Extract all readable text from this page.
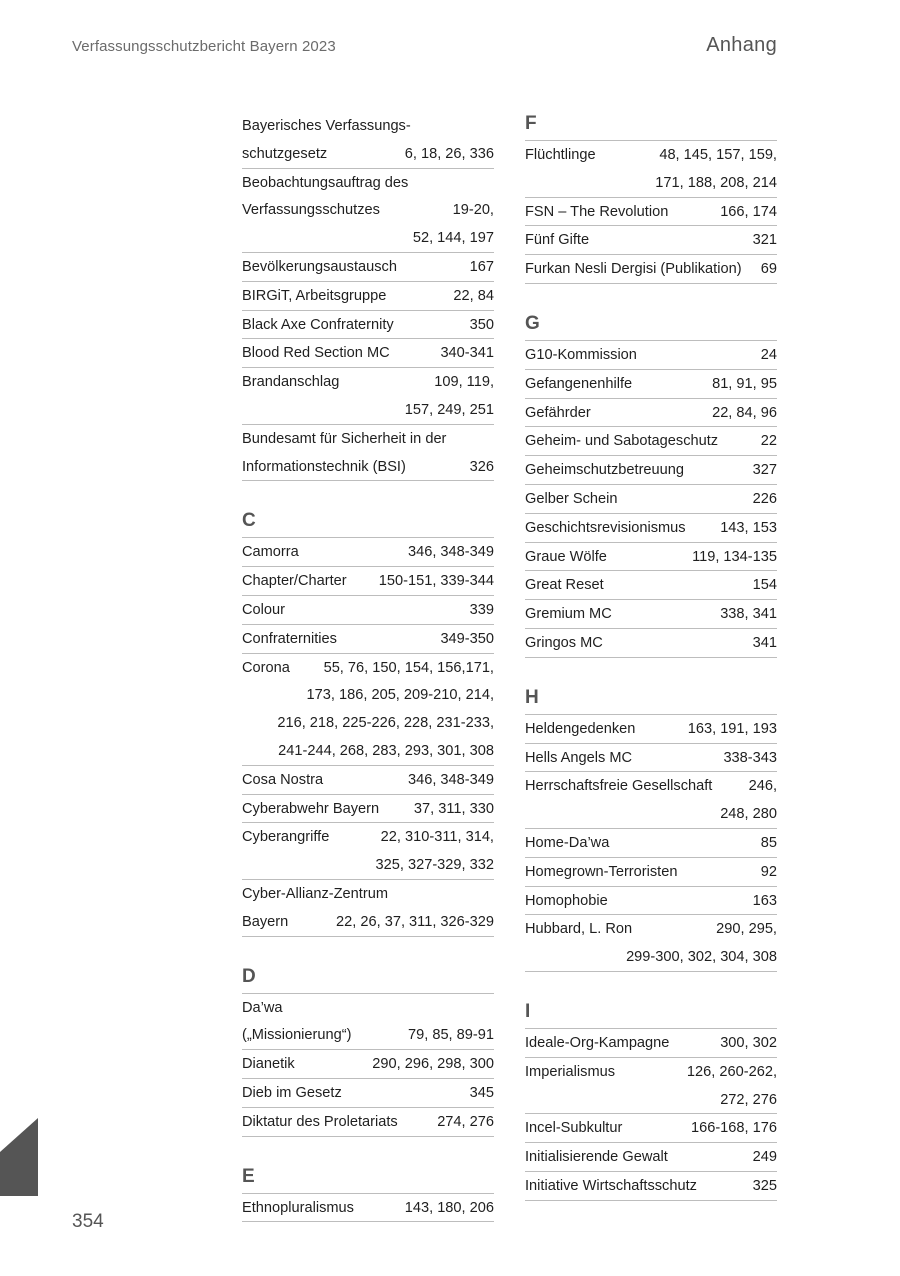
Verfassungsschutzbericht Bayern 2023	Anhang
Bayerisches Verfassungs-
schutzgesetz	6, 18, 26, 336
Beobachtungsauftrag des
Verfassungsschutzes	19-20,
52, 144, 197
Bevölkerungsaustausch	167
BIRGiT, Arbeitsgruppe	22, 84
Black Axe Confraternity	350
Blood Red Section MC	340-341
Brandanschlag	109, 119,
157, 249, 251
Bundesamt für Sicherheit in der
Informationstechnik (BSI)	326
C
Camorra	346, 348-349
Chapter/Charter 150-151, 339-344
Colour	339
Confraternities	349-350
Corona 55, 76, 150, 154, 156,171,
173, 186, 205, 209-210, 214,
216, 218, 225-226, 228, 231-233,
241-244, 268, 283, 293, 301, 308
Cosa Nostra	346, 348-349
Cyberabwehr Bayern 37, 311, 330
Cyberangriffe	22, 310-311, 314,
325, 327-329, 332
Cyber-Allianz-Zentrum
Bayern	22, 26, 37, 311, 326-329
D
Da’wa
(„Missionierung“)	79, 85, 89-91
Dianetik	290, 296, 298, 300
Dieb im Gesetz	345
Diktatur des Proletariats	274, 276
E
Ethnopluralismus	143, 180, 206
F
Flüchtlinge	48, 145, 157, 159,
171, 188, 208, 214
FSN – The Revolution	166, 174
Fünf Gifte	321
Furkan Nesli Dergisi (Publikation) 69
G
G10-Kommission	24
Gefangenenhilfe	81, 91, 95
Gefährder	22, 84, 96
Geheim- und Sabotageschutz	22
Geheimschutzbetreuung	327
Gelber Schein	226
Geschichtsrevisionismus 143, 153
Graue Wölfe	119, 134-135
Great Reset	154
Gremium MC	338, 341
Gringos MC	341
H
Heldengedenken	163, 191, 193
Hells Angels MC	338-343
Herrschaftsfreie Gesellschaft 246,
248, 280
Home-Da’wa	85
Homegrown-Terroristen	92
Homophobie	163
Hubbard, L. Ron	290, 295,
299-300, 302, 304, 308
I
Ideale-Org-Kampagne	300, 302
Imperialismus	126, 260-262,
272, 276
Incel-Subkultur	166-168, 176
Initialisierende Gewalt	249
Initiative Wirtschaftsschutz	325
354
